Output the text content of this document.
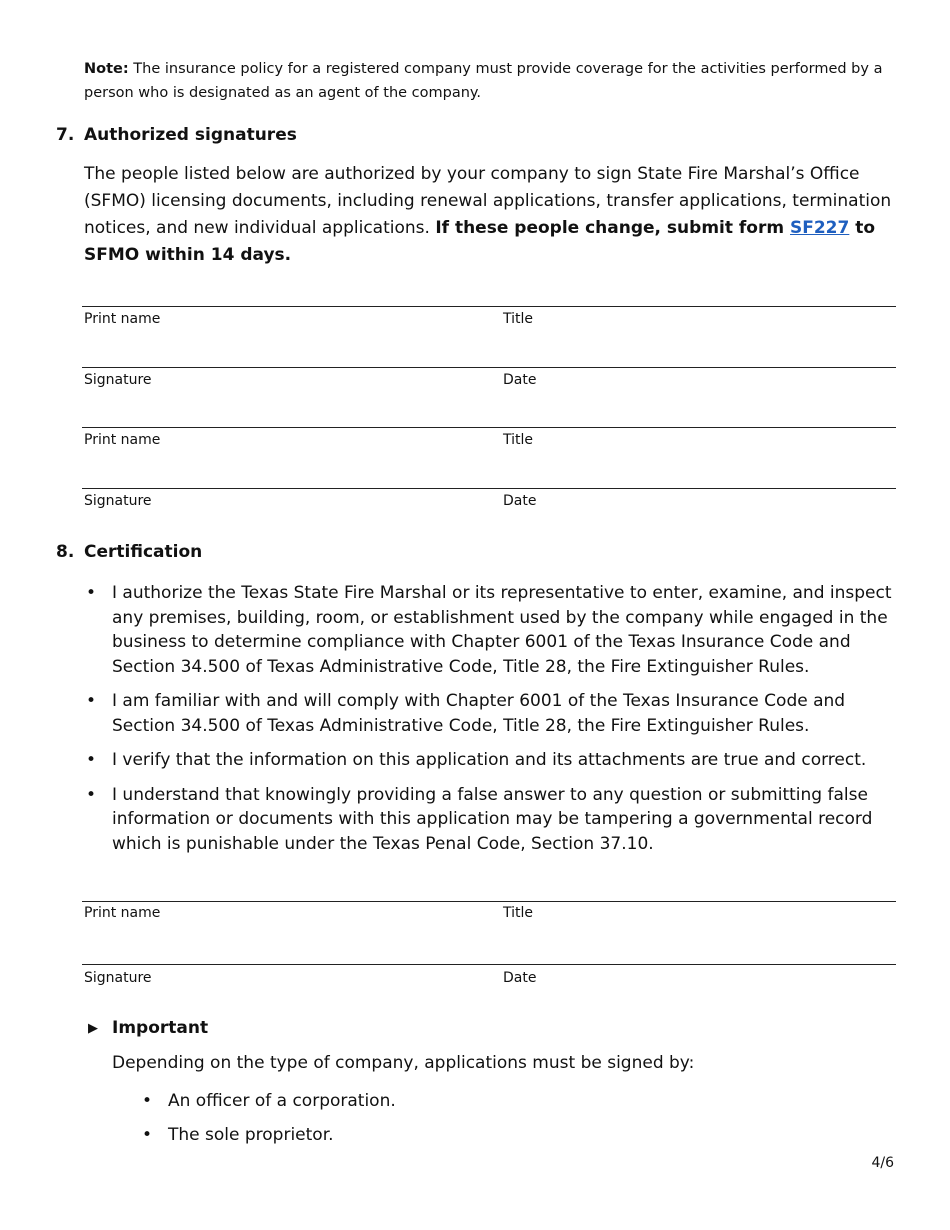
Note: The insurance policy for a registered company must provide coverage for the activities performed by a person who is designated as an agent of the company.
7. Authorized signatures
The people listed below are authorized by your company to sign State Fire Marshal’s Office (SFMO) licensing documents, including renewal applications, transfer applications, termination notices, and new individual applications. If these people change, submit form SF227 to SFMO within 14 days.
Print name	Title
Signature	Date
Print name	Title
Signature	Date
8. Certification
• I authorize the Texas State Fire Marshal or its representative to enter, examine, and inspect any premises, building, room, or establishment used by the company while engaged in the business to determine compliance with Chapter 6001 of the Texas Insurance Code and Section 34.500 of Texas Administrative Code, Title 28, the Fire Extinguisher Rules.
• I am familiar with and will comply with Chapter 6001 of the Texas Insurance Code and Section 34.500 of Texas Administrative Code, Title 28, the Fire Extinguisher Rules.
• I verify that the information on this application and its attachments are true and correct.
• I understand that knowingly providing a false answer to any question or submitting false information or documents with this application may be tampering a governmental record which is punishable under the Texas Penal Code, Section 37.10.
Print name	Title
Signature	Date
▶ Important
Depending on the type of company, applications must be signed by:
• An officer of a corporation.
• The sole proprietor.
4/6
